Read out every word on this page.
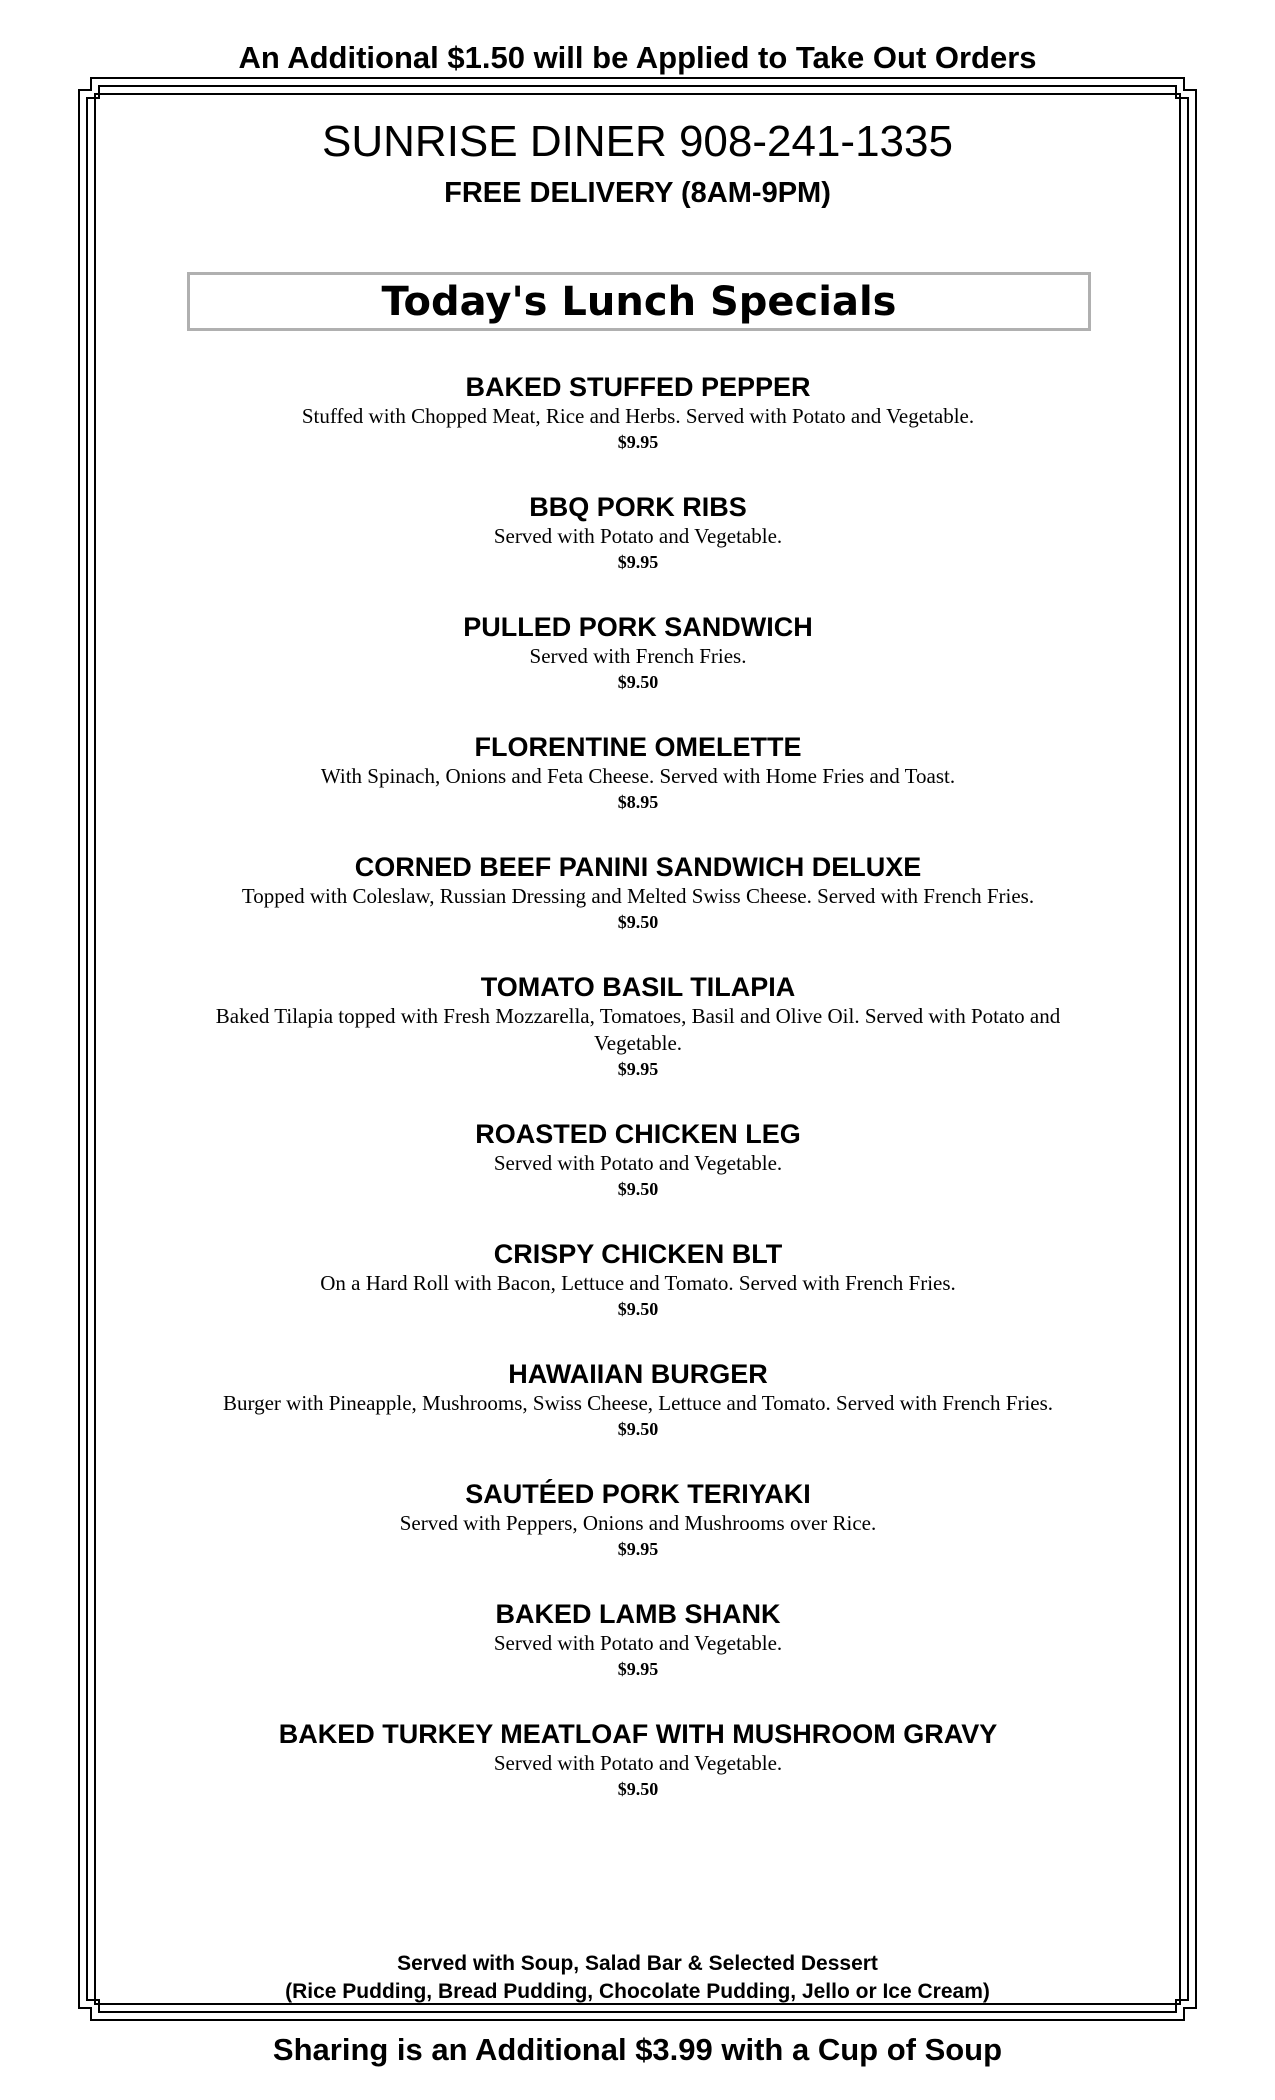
An Additional $1.50 will be Applied to Take Out Orders
SUNRISE DINER 908-241-1335
FREE DELIVERY (8AM-9PM)
Today's Lunch Specials
BAKED STUFFED PEPPER
Stuffed with Chopped Meat, Rice and Herbs. Served with Potato and Vegetable.
$9.95
BBQ PORK RIBS
Served with Potato and Vegetable.
$9.95
PULLED PORK SANDWICH
Served with French Fries.
$9.50
FLORENTINE OMELETTE
With Spinach, Onions and Feta Cheese. Served with Home Fries and Toast.
$8.95
CORNED BEEF PANINI SANDWICH DELUXE
Topped with Coleslaw, Russian Dressing and Melted Swiss Cheese. Served with French Fries.
$9.50
TOMATO BASIL TILAPIA
Baked Tilapia topped with Fresh Mozzarella, Tomatoes, Basil and Olive Oil. Served with Potato and Vegetable.
$9.95
ROASTED CHICKEN LEG
Served with Potato and Vegetable.
$9.50
CRISPY CHICKEN BLT
On a Hard Roll with Bacon, Lettuce and Tomato. Served with French Fries.
$9.50
HAWAIIAN BURGER
Burger with Pineapple, Mushrooms, Swiss Cheese, Lettuce and Tomato. Served with French Fries.
$9.50
SAUTÉED PORK TERIYAKI
Served with Peppers, Onions and Mushrooms over Rice.
$9.95
BAKED LAMB SHANK
Served with Potato and Vegetable.
$9.95
BAKED TURKEY MEATLOAF WITH MUSHROOM GRAVY
Served with Potato and Vegetable.
$9.50
Served with Soup, Salad Bar & Selected Dessert
(Rice Pudding, Bread Pudding, Chocolate Pudding, Jello or Ice Cream)
Sharing is an Additional $3.99 with a Cup of Soup
